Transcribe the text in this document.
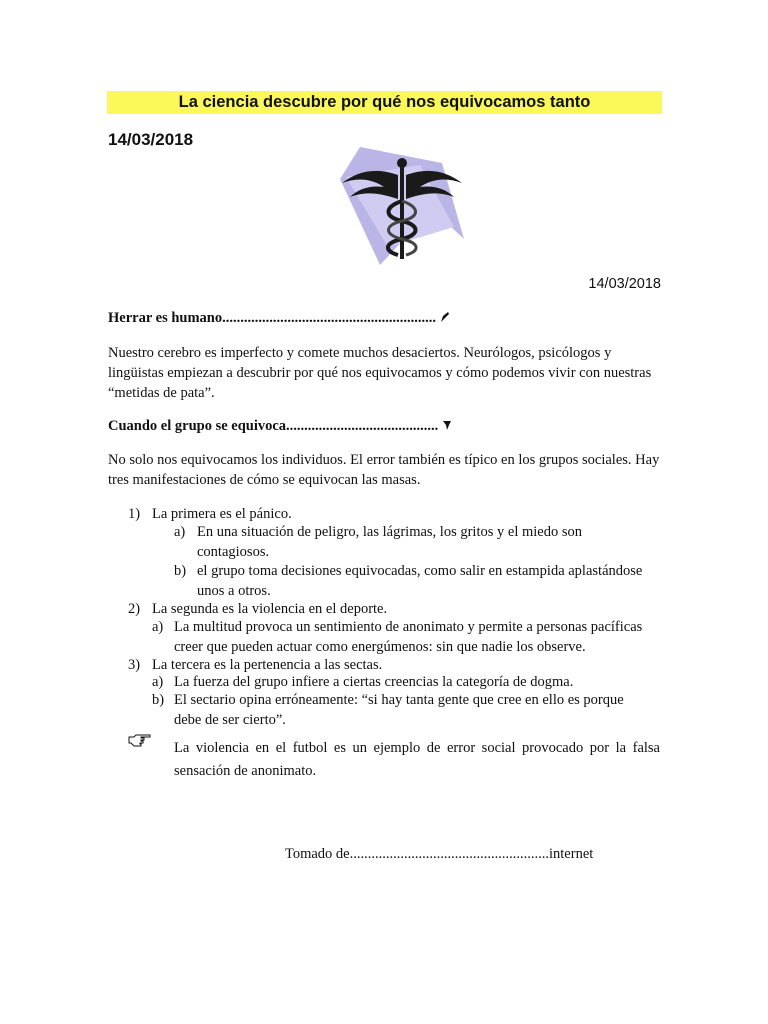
La ciencia descubre por qué nos equivocamos tanto
14/03/2018
14/03/2018
Herrar es humano...........................................................
Nuestro cerebro es imperfecto y comete muchos desaciertos. Neurólogos, psicólogos y lingüistas empiezan a descubrir por qué nos equivocamos y cómo podemos vivir con nuestras “metidas de pata”.
Cuando el grupo se equivoca..........................................
No solo nos equivocamos los individuos. El error también es típico en los grupos sociales. Hay tres manifestaciones de cómo se equivocan las masas.
1) La primera es el pánico.
a) En una situación de peligro, las lágrimas, los gritos y el miedo son contagiosos.
b) el grupo toma decisiones equivocadas, como salir en estampida aplastándose unos a otros.
2) La segunda es la violencia en el deporte.
a) La multitud provoca un sentimiento de anonimato y permite a personas pacíficas creer que pueden actuar como energúmenos: sin que nadie los observe.
3) La tercera es la pertenencia a las sectas.
a) La fuerza del grupo infiere a ciertas creencias la categoría de dogma.
b) El sectario opina erróneamente: “si hay tanta gente que cree en ello es porque debe de ser cierto”.
La violencia en el futbol es un ejemplo de error social provocado por la falsa sensación de anonimato.
Tomado de.......................................................internet
